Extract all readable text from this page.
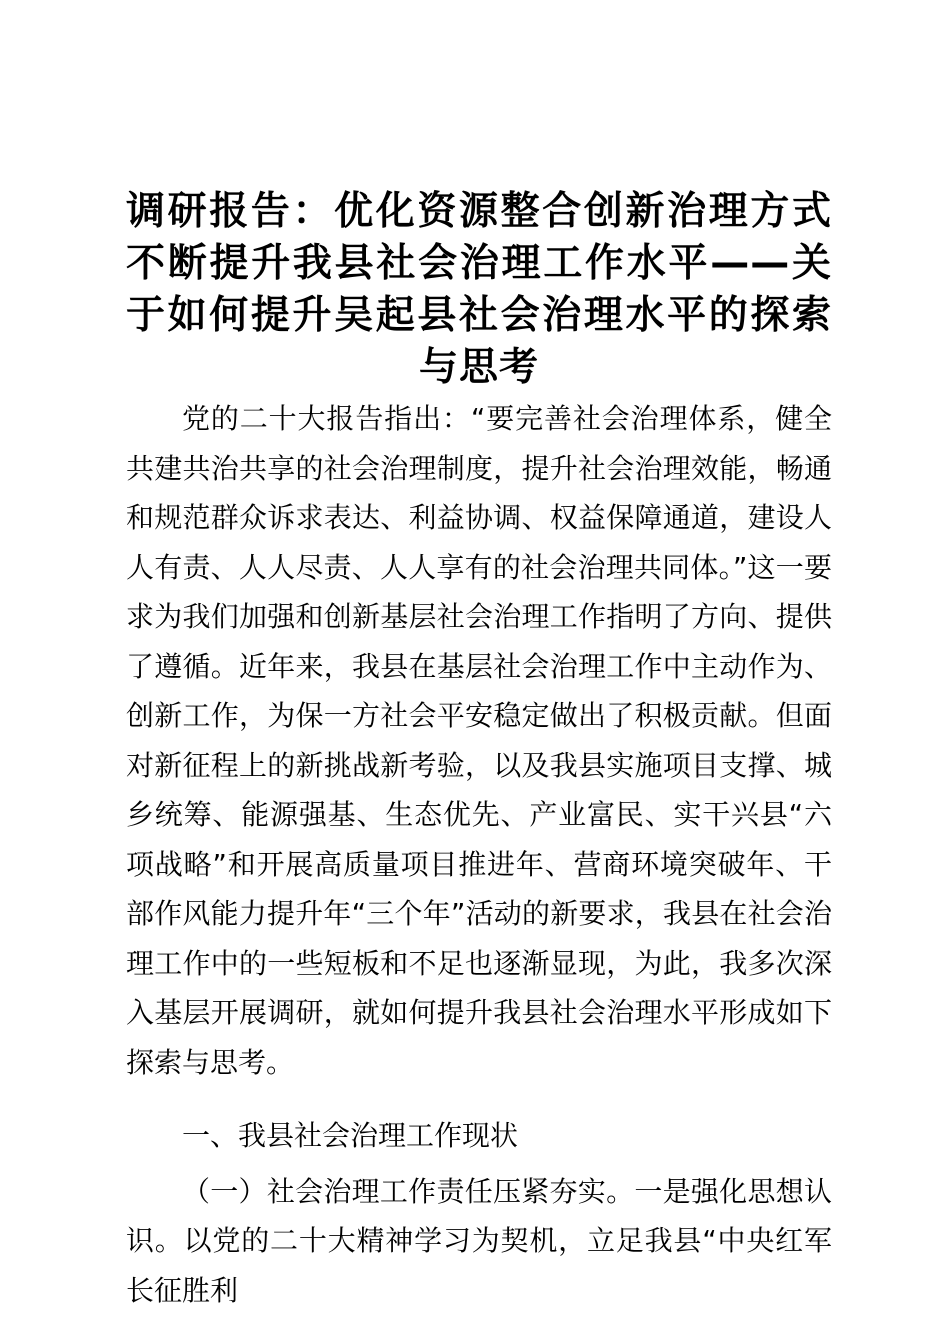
调研报告：优化资源整合创新治理方式不断提升我县社会治理工作水平——关于如何提升吴起县社会治理水平的探索与思考

党的二十大报告指出：“要完善社会治理体系，健全共建共治共享的社会治理制度，提升社会治理效能，畅通和规范群众诉求表达、利益协调、权益保障通道，建设人人有责、人人尽责、人人享有的社会治理共同体。”这一要求为我们加强和创新基层社会治理工作指明了方向、提供了遵循。近年来，我县在基层社会治理工作中主动作为、创新工作，为保一方社会平安稳定做出了积极贡献。但面对新征程上的新挑战新考验，以及我县实施项目支撑、城乡统筹、能源强基、生态优先、产业富民、实干兴县“六项战略”和开展高质量项目推进年、营商环境突破年、干部作风能力提升年“三个年”活动的新要求，我县在社会治理工作中的一些短板和不足也逐渐显现，为此，我多次深入基层开展调研，就如何提升我县社会治理水平形成如下探索与思考。

一、我县社会治理工作现状

（一）社会治理工作责任压紧夯实。一是强化思想认识。以党的二十大精神学习为契机，立足我县“中央红军长征胜利
